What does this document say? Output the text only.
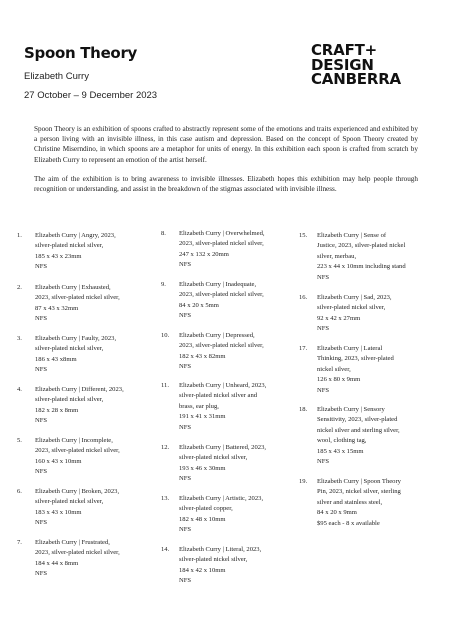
Spoon Theory
Elizabeth Curry
27 October – 9 December 2023
CRAFT+
DESIGN
CANBERRA

Spoon Theory is an exhibition of spoons crafted to abstractly represent some of the emotions and traits experienced and exhibited by a person living with an invisible illness, in this case autism and depression. Based on the concept of Spoon Theory created by Christine Miserndino, in which spoons are a metaphor for units of energy. In this exhibition each spoon is crafted from scratch by Elizabeth Curry to represent an emotion of the artist herself.

The aim of the exhibition is to bring awareness to invisible illnesses. Elizabeth hopes this exhibition may help people through recognition or understanding, and assist in the breakdown of the stigmas associated with invisible illness.

1. Elizabeth Curry | Angry, 2023,
silver-plated nickel silver,
185 x 43 x 23mm
NFS
2. Elizabeth Curry | Exhausted,
2023, silver-plated nickel silver,
87 x 43 x 32mm
NFS
3. Elizabeth Curry | Faulty, 2023,
silver-plated nickel silver,
186 x 43 x8mm
NFS
4. Elizabeth Curry | Different, 2023,
silver-plated nickel silver,
182 x 28 x 8mm
NFS
5. Elizabeth Curry | Incomplete,
2023, silver-plated nickel silver,
160 x 43 x 10mm
NFS
6. Elizabeth Curry | Broken, 2023,
silver-plated nickel silver,
183 x 43 x 10mm
NFS
7. Elizabeth Curry | Frustrated,
2023, silver-plated nickel silver,
184 x 44 x 8mm
NFS
8. Elizabeth Curry | Overwhelmed,
2023, silver-plated nickel silver,
247 x 132 x 20mm
NFS
9. Elizabeth Curry | Inadequate,
2023, silver-plated nickel silver,
84 x 20 x 5mm
NFS
10. Elizabeth Curry | Depressed,
2023, silver-plated nickel silver,
182 x 43 x 82mm
NFS
11. Elizabeth Curry | Unheard, 2023,
silver-plated nickel silver and
brass, ear plug,
191 x 41 x 31mm
NFS
12. Elizabeth Curry | Battered, 2023,
silver-plated nickel silver,
193 x 46 x 30mm
NFS
13. Elizabeth Curry | Artistic, 2023,
silver-plated copper,
182 x 48 x 10mm
NFS
14. Elizabeth Curry | Literal, 2023,
silver-plated nickel silver,
184 x 42 x 10mm
NFS
15. Elizabeth Curry | Sense of
Justice, 2023, silver-plated nickel
silver, merbau,
223 x 44 x 10mm including stand
NFS
16. Elizabeth Curry | Sad, 2023,
silver-plated nickel silver,
92 x 42 x 27mm
NFS
17. Elizabeth Curry | Lateral
Thinking, 2023, silver-plated
nickel silver,
126 x 80 x 9mm
NFS
18. Elizabeth Curry | Sensory
Sensitivity, 2023, silver-plated
nickel silver and sterling silver,
wool, clothing tag,
185 x 43 x 15mm
NFS
19. Elizabeth Curry | Spoon Theory
Pin, 2023, nickel silver, sterling
silver and stainless steel,
84 x 20 x 9mm
$95 each - 8 x available
